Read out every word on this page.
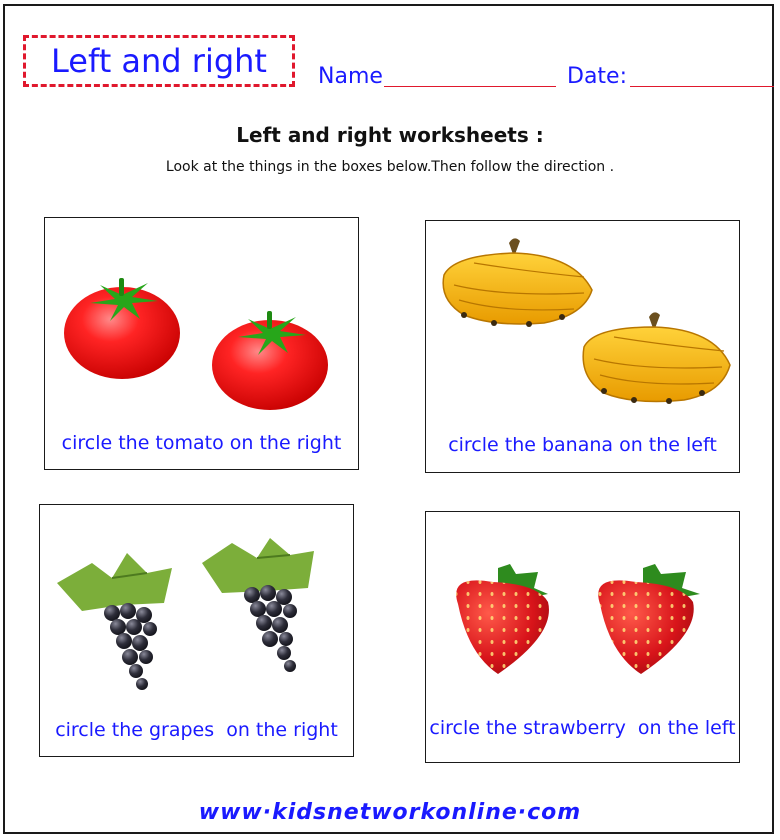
Left and right Name	Date:
Left and right worksheets :
Look at the things in the boxes below.Then follow the direction .
circle the tomato on the right	circle the banana on the left
circle the grapes  on the right	circle the strawberry  on the left
www·kidsnetworkonline·com
